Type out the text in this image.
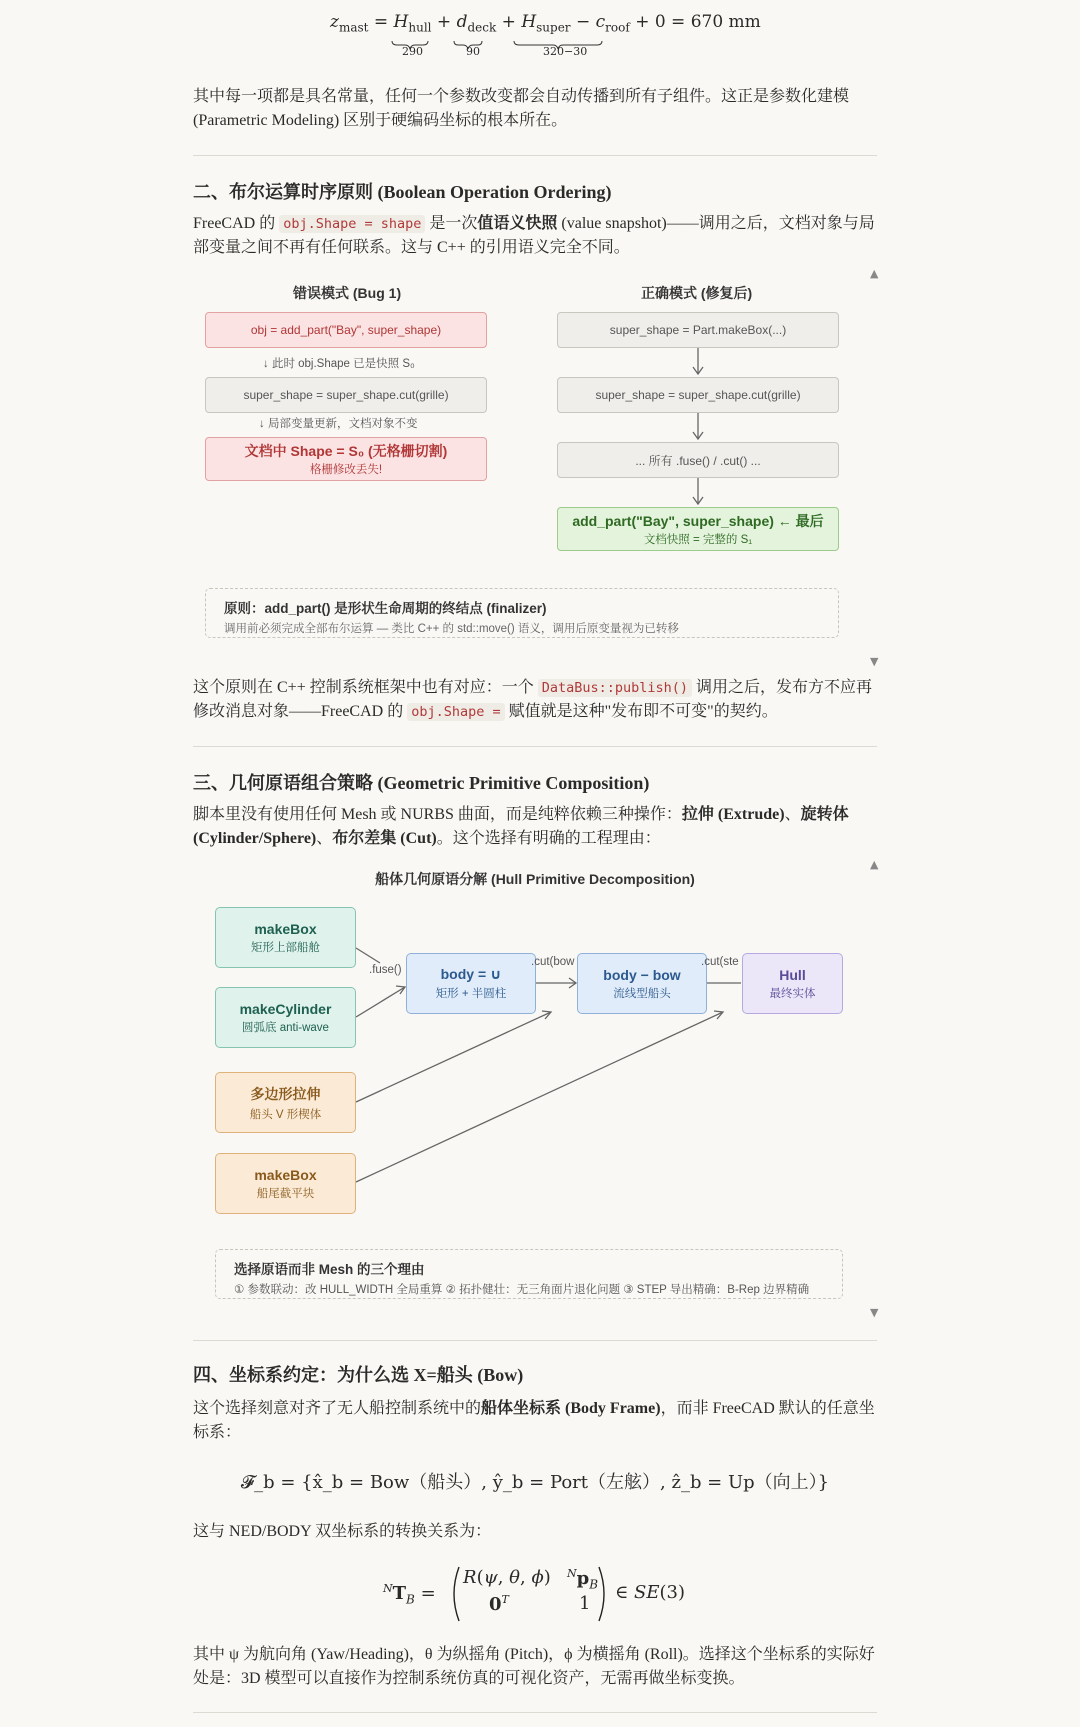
$z_{mast} = H_{hull} + d_{deck} + H_{super} - c_{roof} + 0 = 670$ mm
290	90	320−30

其中每一项都是具名常量，任何一个参数改变都会自动传播到所有子组件。这正是参数化建模 (Parametric Modeling) 区别于硬编码坐标的根本所在。

二、布尔运算时序原则 (Boolean Operation Ordering)

FreeCAD 的 obj.Shape = shape 是一次值语义快照 (value snapshot)——调用之后，文档对象与局部变量之间不再有任何联系。这与 C++ 的引用语义完全不同。

错误模式 (Bug 1)	正确模式 (修复后)
obj = add_part("Bay", super_shape)
↓ 此时 obj.Shape 已是快照 S₀
super_shape = super_shape.cut(grille)
↓ 局部变量更新，文档对象不变
文档中 Shape = S₀ (无格栅切割)
格栅修改丢失!
super_shape = Part.makeBox(...)
super_shape = super_shape.cut(grille)
... 所有 .fuse() / .cut() ...
add_part("Bay", super_shape) ← 最后
文档快照 = 完整的 S₁
原则：add_part() 是形状生命周期的终结点 (finalizer)
调用前必须完成全部布尔运算 — 类比 C++ 的 std::move() 语义，调用后原变量视为已转移
▲
▼

这个原则在 C++ 控制系统框架中也有对应：一个 DataBus::publish() 调用之后，发布方不应再修改消息对象——FreeCAD 的 obj.Shape = 赋值就是这种"发布即不可变"的契约。

三、几何原语组合策略 (Geometric Primitive Composition)

脚本里没有使用任何 Mesh 或 NURBS 曲面，而是纯粹依赖三种操作：拉伸 (Extrude)、旋转体 (Cylinder/Sphere)、布尔差集 (Cut)。这个选择有明确的工程理由：

船体几何原语分解 (Hull Primitive Decomposition)
makeBox
矩形上部船舱
makeCylinder
圆弧底 anti-wave
多边形拉伸
船头 V 形楔体
makeBox
船尾截平块
.fuse()	body = ∪
矩形 + 半圆柱
.cut(bow
body − bow
流线型船头
.cut(ste
Hull
最终实体
选择原语而非 Mesh 的三个理由
① 参数联动：改 HULL_WIDTH 全局重算 ② 拓扑健壮：无三角面片退化问题 ③ STEP 导出精确：B-Rep 边界精确
▲
▼
四、坐标系约定：为什么选 X=船头 (Bow)

这个选择刻意对齐了无人船控制系统中的船体坐标系 (Body Frame)，而非 FreeCAD 默认的任意坐标系：

𝓕_b = {x̂_b = Bow（船头）, ŷ_b = Port（左舷）, ẑ_b = Up（向上）}

这与 NED/BODY 双坐标系的转换关系为：

$^NT_B$ =
R(ψ, θ, ϕ) $^Np_B$
$0^T$	1
∈ SE(3)

其中 ψ 为航向角 (Yaw/Heading)，θ 为纵摇角 (Pitch)，ϕ 为横摇角 (Roll)。选择这个坐标系的实际好处是：3D 模型可以直接作为控制系统仿真的可视化资产，无需再做坐标变换。
